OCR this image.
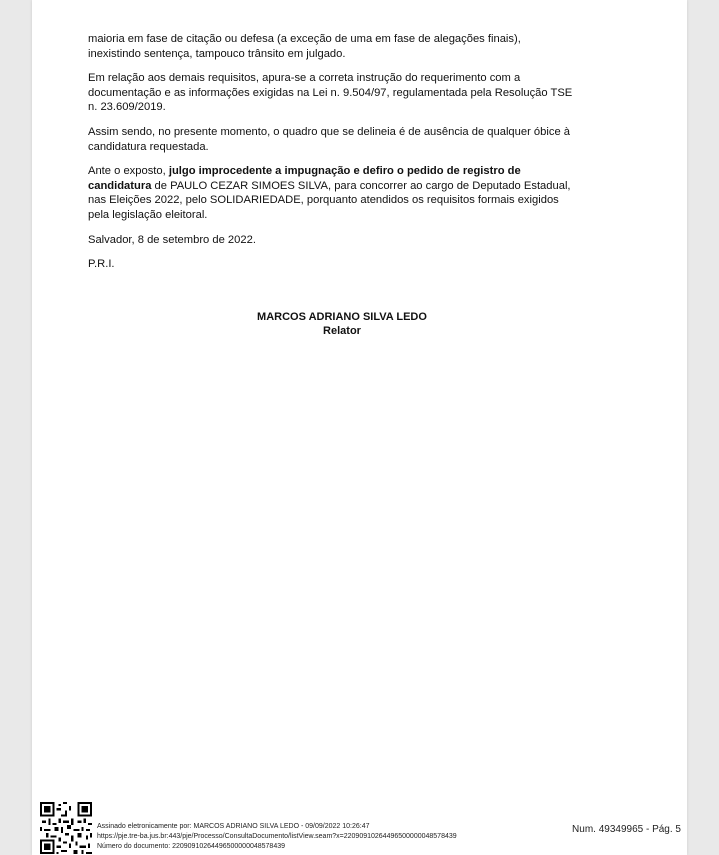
maioria em fase de citação ou defesa (a exceção de uma em fase de alegações finais),
inexistindo sentença, tampouco trânsito em julgado.

Em relação aos demais requisitos, apura-se a correta instrução do requerimento com a
documentação e as informações exigidas na Lei n. 9.504/97, regulamentada pela Resolução TSE
n. 23.609/2019.

Assim sendo, no presente momento, o quadro que se delineia é de ausência de qualquer óbice à
candidatura requestada.

Ante o exposto, julgo improcedente a impugnação e defiro o pedido de registro de
candidatura de PAULO CEZAR SIMOES SILVA, para concorrer ao cargo de Deputado Estadual,
nas Eleições 2022, pelo SOLIDARIEDADE, porquanto atendidos os requisitos formais exigidos
pela legislação eleitoral.

Salvador, 8 de setembro de 2022.

P.R.I.

MARCOS ADRIANO SILVA LEDO
Relator
Assinado eletronicamente por: MARCOS ADRIANO SILVA LEDO - 09/09/2022 10:26:47
https://pje.tre-ba.jus.br:443/pje/Processo/ConsultaDocumento/listView.seam?x=22090910264496500000048578439
Número do documento: 22090910264496500000048578439
Num. 49349965 - Pág. 5
